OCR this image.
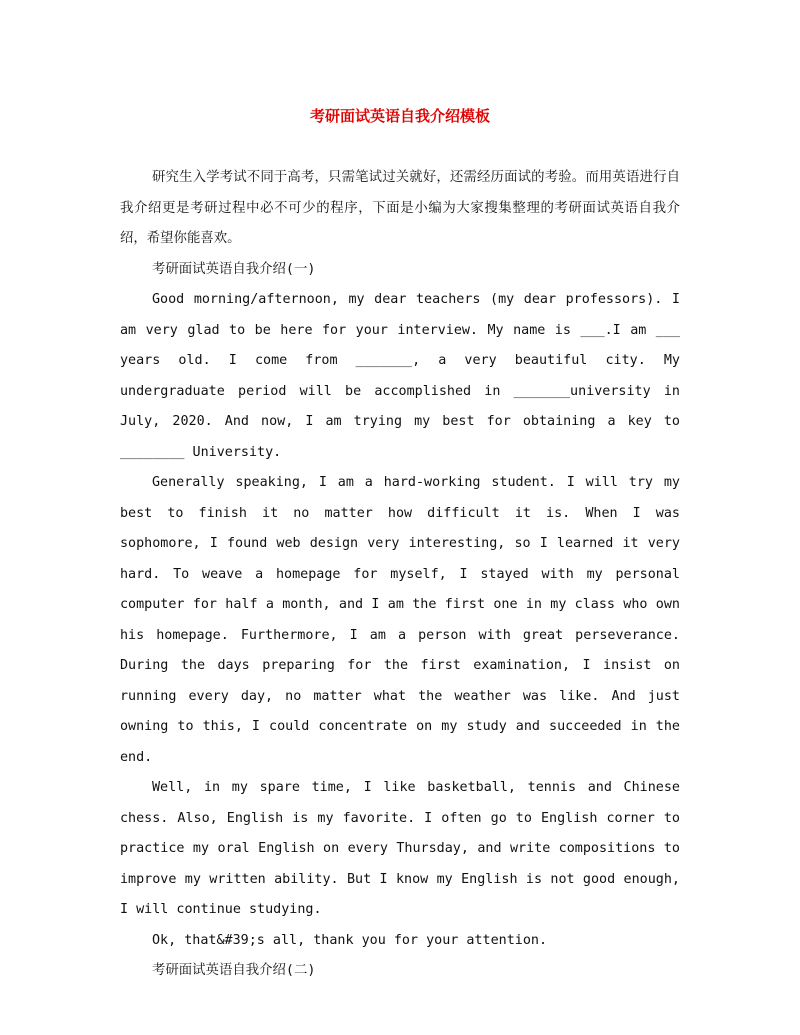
考研面试英语自我介绍模板

研究生入学考试不同于高考，只需笔试过关就好，还需经历面试的考验。而用英语进行自我介绍更是考研过程中必不可少的程序，下面是小编为大家搜集整理的考研面试英语自我介绍，希望你能喜欢。

考研面试英语自我介绍(一)

Good morning/afternoon, my dear teachers (my dear professors). I am very glad to be here for your interview. My name is ___.I am ___ years old. I come from _______, a very beautiful city. My undergraduate period will be accomplished in _______university in July, 2020. And now, I am trying my best for obtaining a key to ________ University.

Generally speaking, I am a hard-working student. I will try my best to finish it no matter how difficult it is. When I was sophomore, I found web design very interesting, so I learned it very hard. To weave a homepage for myself, I stayed with my personal computer for half a month, and I am the first one in my class who own his homepage. Furthermore, I am a person with great perseverance. During the days preparing for the first examination, I insist on running every day, no matter what the weather was like. And just owning to this, I could concentrate on my study and succeeded in the end.

Well, in my spare time, I like basketball, tennis and Chinese chess. Also, English is my favorite. I often go to English corner to practice my oral English on every Thursday, and write compositions to improve my written ability. But I know my English is not good enough, I will continue studying.

Ok, that&#39;s all, thank you for your attention.

考研面试英语自我介绍(二)
